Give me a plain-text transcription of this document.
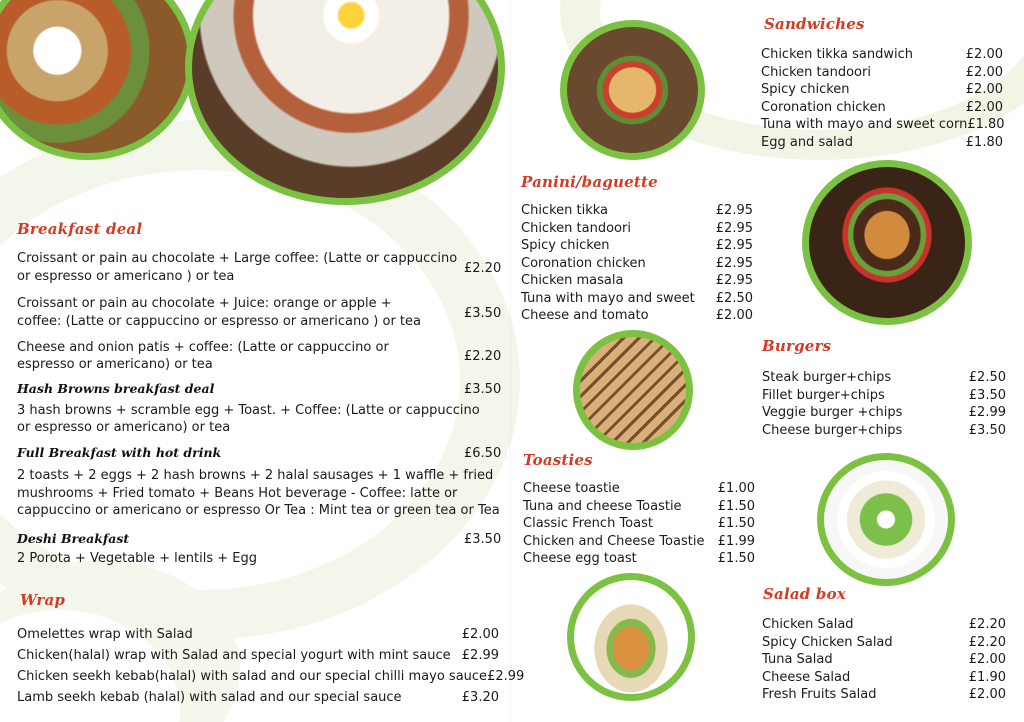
Breakfast deal
Croissant or pain au chocolate + Large coffee: (Latte or cappuccino
or espresso or americano ) or tea
£2.20
Croissant or pain au chocolate + Juice: orange or apple +
coffee: (Latte or cappuccino or espresso or americano ) or tea
£3.50
Cheese and onion patis + coffee: (Latte or cappuccino or
espresso or americano) or tea
£2.20
Hash Browns breakfast deal	£3.50
3 hash browns + scramble egg + Toast. + Coffee: (Latte or cappuccino
or espresso or americano) or tea
Full Breakfast with hot drink	£6.50
2 toasts + 2 eggs + 2 hash browns + 2 halal sausages + 1 waffle + fried
mushrooms + Fried tomato + Beans Hot beverage - Coffee: latte or
cappuccino or americano or espresso Or Tea : Mint tea or green tea or Tea
Deshi Breakfast	£3.50
2 Porota + Vegetable + lentils + Egg
Wrap
Omelettes wrap with Salad	£2.00
Chicken(halal) wrap with Salad and special yogurt with mint sauce £2.99
Chicken seekh kebab(halal) with salad and our special chilli mayo sauce £2.99
Lamb seekh kebab (halal) with salad and our special sauce	£3.20
Panini/baguette
Chicken tikka	£2.95
Chicken tandoori	£2.95
Spicy chicken	£2.95
Coronation chicken	£2.95
Chicken masala	£2.95
Tuna with mayo and sweet £2.50
Cheese and tomato	£2.00
Toasties
Cheese toastie	£1.00
Tuna and cheese Toastie	£1.50
Classic French Toast	£1.50
Chicken and Cheese Toastie £1.99
Cheese egg toast	£1.50
Sandwiches
Chicken tikka sandwich	£2.00
Chicken tandoori	£2.00
Spicy chicken	£2.00
Coronation chicken	£2.00
Tuna with mayo and sweet corn £1.80
Egg and salad	£1.80
Burgers
Steak burger+chips	£2.50
Fillet burger+chips	£3.50
Veggie burger +chips	£2.99
Cheese burger+chips	£3.50
Salad box
Chicken Salad	£2.20
Spicy Chicken Salad	£2.20
Tuna Salad	£2.00
Cheese Salad	£1.90
Fresh Fruits Salad	£2.00
